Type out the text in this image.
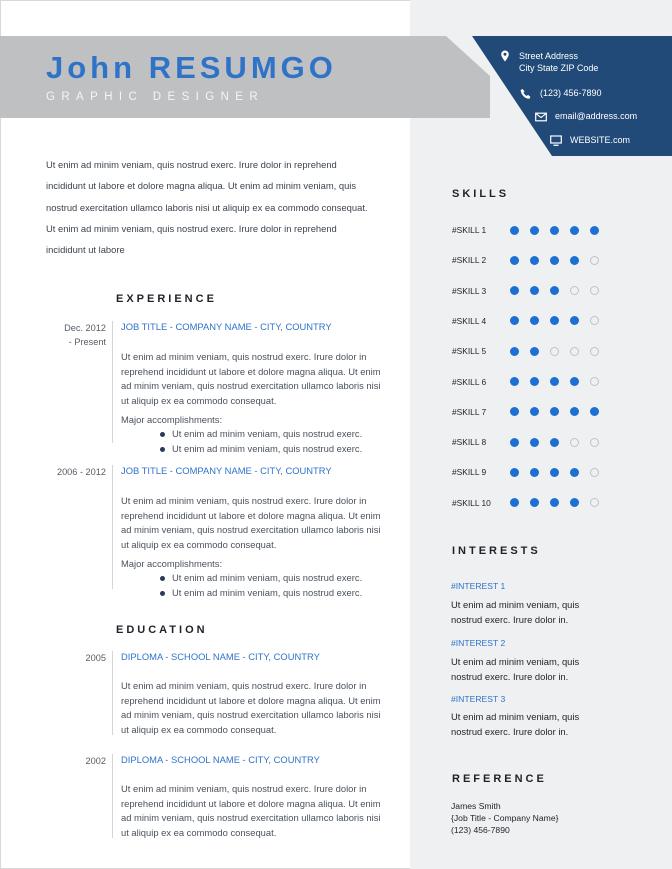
John RESUMGO
GRAPHIC DESIGNER
Street Address
City State ZIP Code
(123) 456-7890
email@address.com
WEBSITE.com

Ut enim ad minim veniam, quis nostrud exerc. Irure dolor in reprehend incididunt ut labore et dolore magna aliqua. Ut enim ad minim veniam, quis nostrud exercitation ullamco laboris nisi ut aliquip ex ea commodo consequat. Ut enim ad minim veniam, quis nostrud exerc. Irure dolor in reprehend incididunt ut labore

EXPERIENCE
Dec. 2012
- Present
JOB TITLE - COMPANY NAME - CITY, COUNTRY
Ut enim ad minim veniam, quis nostrud exerc. Irure dolor in reprehend incididunt ut labore et dolore magna aliqua. Ut enim ad minim veniam, quis nostrud exercitation ullamco laboris nisi ut aliquip ex ea commodo consequat.
Major accomplishments:
Ut enim ad minim veniam, quis nostrud exerc.
Ut enim ad minim veniam, quis nostrud exerc.
2006 - 2012 JOB TITLE - COMPANY NAME - CITY, COUNTRY
Ut enim ad minim veniam, quis nostrud exerc. Irure dolor in reprehend incididunt ut labore et dolore magna aliqua. Ut enim ad minim veniam, quis nostrud exercitation ullamco laboris nisi ut aliquip ex ea commodo consequat.
Major accomplishments:
Ut enim ad minim veniam, quis nostrud exerc.
Ut enim ad minim veniam, quis nostrud exerc.
EDUCATION
2005 DIPLOMA - SCHOOL NAME - CITY, COUNTRY
Ut enim ad minim veniam, quis nostrud exerc. Irure dolor in reprehend incididunt ut labore et dolore magna aliqua. Ut enim ad minim veniam, quis nostrud exercitation ullamco laboris nisi ut aliquip ex ea commodo consequat.
2002 DIPLOMA - SCHOOL NAME - CITY, COUNTRY
Ut enim ad minim veniam, quis nostrud exerc. Irure dolor in reprehend incididunt ut labore et dolore magna aliqua. Ut enim ad minim veniam, quis nostrud exercitation ullamco laboris nisi ut aliquip ex ea commodo consequat.
SKILLS
#SKILL 1
#SKILL 2
#SKILL 3
#SKILL 4
#SKILL 5
#SKILL 6
#SKILL 7
#SKILL 8
#SKILL 9
#SKILL 10
INTERESTS
#INTEREST 1
Ut enim ad minim veniam, quis nostrud exerc. Irure dolor in.
#INTEREST 2
Ut enim ad minim veniam, quis nostrud exerc. Irure dolor in.
#INTEREST 3
Ut enim ad minim veniam, quis nostrud exerc. Irure dolor in.
REFERENCE
James Smith
{Job Title - Company Name}
(123) 456-7890
